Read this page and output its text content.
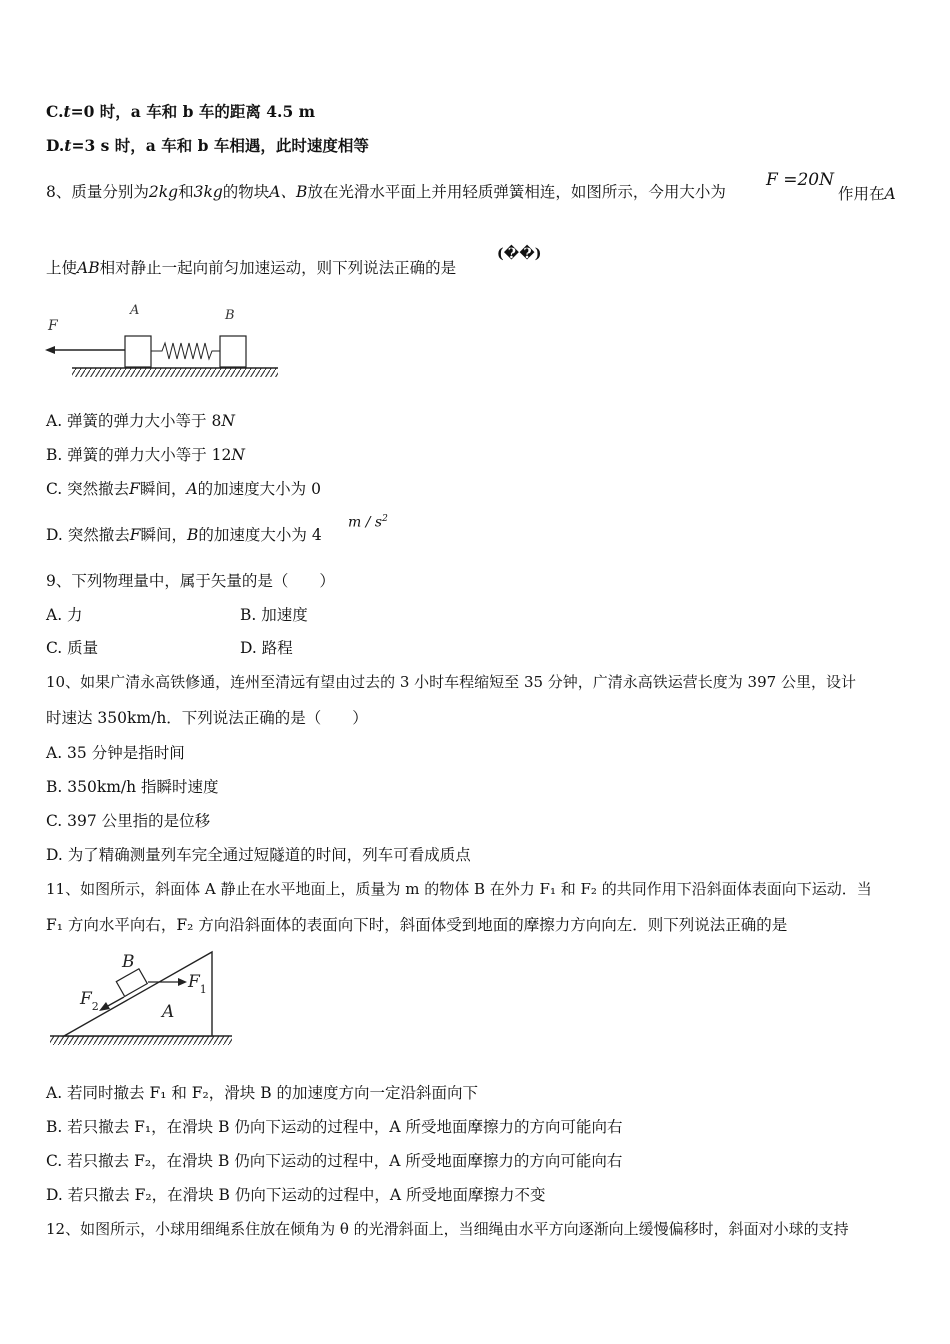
C.t=0 时，a 车和 b 车的距离 4.5 m
D.t=3 s 时，a 车和 b 车相遇，此时速度相等
8、质量分别为2kg和3kg的物块A、B放在光滑水平面上并用轻质弹簧相连，如图所示，今用大小为
F =20N
作用在A
上使AB相对静止一起向前匀加速运动，则下列说法正确的是
(��)
F
A	B
A. 弹簧的弹力大小等于 8N
B. 弹簧的弹力大小等于 12N
C. 突然撤去F瞬间，A的加速度大小为 0
D. 突然撤去F瞬间，B的加速度大小为 4
m / $s^2$
9、下列物理量中，属于矢量的是（　　）
A. 力	B. 加速度
C. 质量	D. 路程
10、如果广清永高铁修通，连州至清远有望由过去的 3 小时车程缩短至 35 分钟，广清永高铁运营长度为 397 公里，设计
时速达 350km/h．下列说法正确的是（　　）
A. 35 分钟是指时间
B. 350km/h 指瞬时速度
C. 397 公里指的是位移
D. 为了精确测量列车完全通过短隧道的时间，列车可看成质点
11、如图所示，斜面体 A 静止在水平地面上，质量为 m 的物体 B 在外力 F₁ 和 F₂ 的共同作用下沿斜面体表面向下运动．当
F₁ 方向水平向右，F₂ 方向沿斜面体的表面向下时，斜面体受到地面的摩擦力方向向左．则下列说法正确的是
B
$F_1$
$F_2$	A
A. 若同时撤去 F₁ 和 F₂，滑块 B 的加速度方向一定沿斜面向下
B. 若只撤去 F₁，在滑块 B 仍向下运动的过程中，A 所受地面摩擦力的方向可能向右
C. 若只撤去 F₂，在滑块 B 仍向下运动的过程中，A 所受地面摩擦力的方向可能向右
D. 若只撤去 F₂，在滑块 B 仍向下运动的过程中，A 所受地面摩擦力不变
12、如图所示，小球用细绳系住放在倾角为 θ 的光滑斜面上，当细绳由水平方向逐渐向上缓慢偏移时，斜面对小球的支持
